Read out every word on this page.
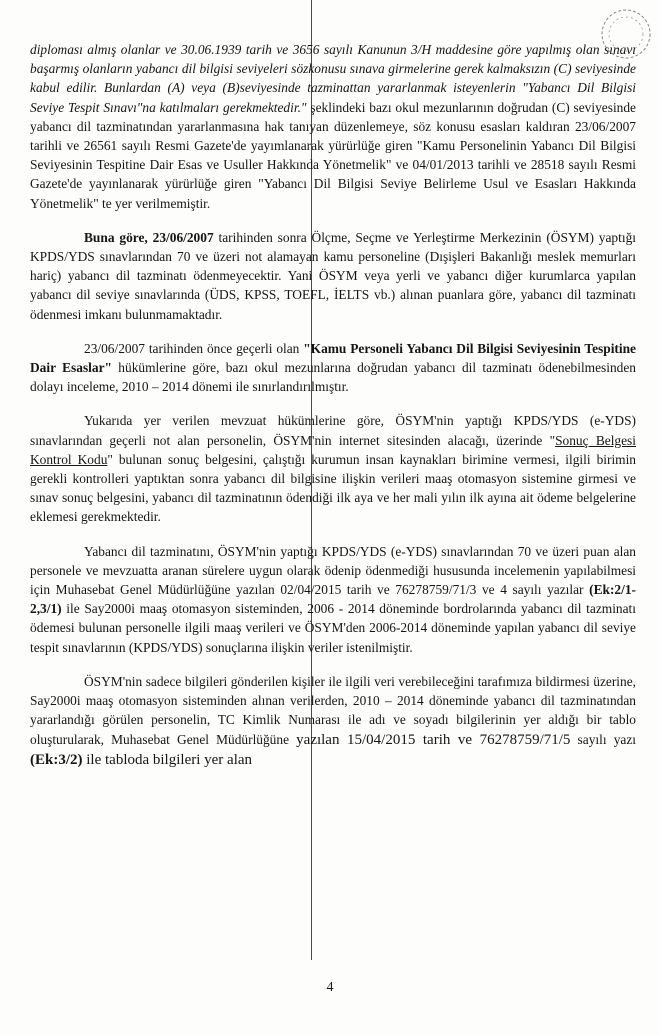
diploması almış olanlar ve 30.06.1939 tarih ve 3656 sayılı Kanunun 3/H maddesine göre yapılmış olan sınavı başarmış olanların yabancı dil bilgisi seviyeleri sözkonusu sınava girmelerine gerek kalmaksızın (C) seviyesinde kabul edilir. Bunlardan (A) veya (B)seviyesinde tazminattan yararlanmak isteyenlerin "Yabancı Dil Bilgisi Seviye Tespit Sınavı"na katılmaları gerekmektedir." şeklindeki bazı okul mezunlarının doğrudan (C) seviyesinde yabancı dil tazminatından yararlanmasına hak tanıyan düzenlemeye, söz konusu esasları kaldıran 23/06/2007 tarihli ve 26561 sayılı Resmi Gazete'de yayımlanarak yürürlüğe giren "Kamu Personelinin Yabancı Dil Bilgisi Seviyesinin Tespitine Dair Esas ve Usuller Hakkında Yönetmelik" ve 04/01/2013 tarihli ve 28518 sayılı Resmi Gazete'de yayınlanarak yürürlüğe giren "Yabancı Dil Bilgisi Seviye Belirleme Usul ve Esasları Hakkında Yönetmelik" te yer verilmemiştir.

Buna göre, 23/06/2007 tarihinden sonra Ölçme, Seçme ve Yerleştirme Merkezinin (ÖSYM) yaptığı KPDS/YDS sınavlarından 70 ve üzeri not alamayan kamu personeline (Dışişleri Bakanlığı meslek memurları hariç) yabancı dil tazminatı ödenmeyecektir. Yani ÖSYM veya yerli ve yabancı diğer kurumlarca yapılan yabancı dil seviye sınavlarında (ÜDS, KPSS, TOEFL, İELTS vb.) alınan puanlara göre, yabancı dil tazminatı ödenmesi imkanı bulunmamaktadır.

23/06/2007 tarihinden önce geçerli olan "Kamu Personeli Yabancı Dil Bilgisi Seviyesinin Tespitine Dair Esaslar" hükümlerine göre, bazı okul mezunlarına doğrudan yabancı dil tazminatı ödenebilmesinden dolayı inceleme, 2010 – 2014 dönemi ile sınırlandırılmıştır.

Yukarıda yer verilen mevzuat hükümlerine göre, ÖSYM'nin yaptığı KPDS/YDS (e-YDS) sınavlarından geçerli not alan personelin, ÖSYM'nin internet sitesinden alacağı, üzerinde "Sonuç Belgesi Kontrol Kodu" bulunan sonuç belgesini, çalıştığı kurumun insan kaynakları birimine vermesi, ilgili birimin gerekli kontrolleri yaptıktan sonra yabancı dil bilgisine ilişkin verileri maaş otomasyon sistemine girmesi ve sınav sonuç belgesini, yabancı dil tazminatının ödendiği ilk aya ve her mali yılın ilk ayına ait ödeme belgelerine eklemesi gerekmektedir.

Yabancı dil tazminatını, ÖSYM'nin yaptığı KPDS/YDS (e-YDS) sınavlarından 70 ve üzeri puan alan personele ve mevzuatta aranan sürelere uygun olarak ödenip ödenmediği hususunda incelemenin yapılabilmesi için Muhasebat Genel Müdürlüğüne yazılan 02/04/2015 tarih ve 76278759/71/3 ve 4 sayılı yazılar (Ek:2/1-2,3/1) ile Say2000i maaş otomasyon sisteminden, 2006 - 2014 döneminde bordrolarında yabancı dil tazminatı ödemesi bulunan personelle ilgili maaş verileri ve ÖSYM'den 2006-2014 döneminde yapılan yabancı dil seviye tespit sınavlarının (KPDS/YDS) sonuçlarına ilişkin veriler istenilmiştir.

ÖSYM'nin sadece bilgileri gönderilen kişiler ile ilgili veri verebileceğini tarafımıza bildirmesi üzerine, Say2000i maaş otomasyon sisteminden alınan verilerden, 2010 – 2014 döneminde yabancı dil tazminatından yararlandığı görülen personelin, TC Kimlik Numarası ile adı ve soyadı bilgilerinin yer aldığı bir tablo oluşturularak, Muhasebat Genel Müdürlüğüne yazılan 15/04/2015 tarih ve 76278759/71/5 sayılı yazı (Ek:3/2) ile tabloda bilgileri yer alan

4
